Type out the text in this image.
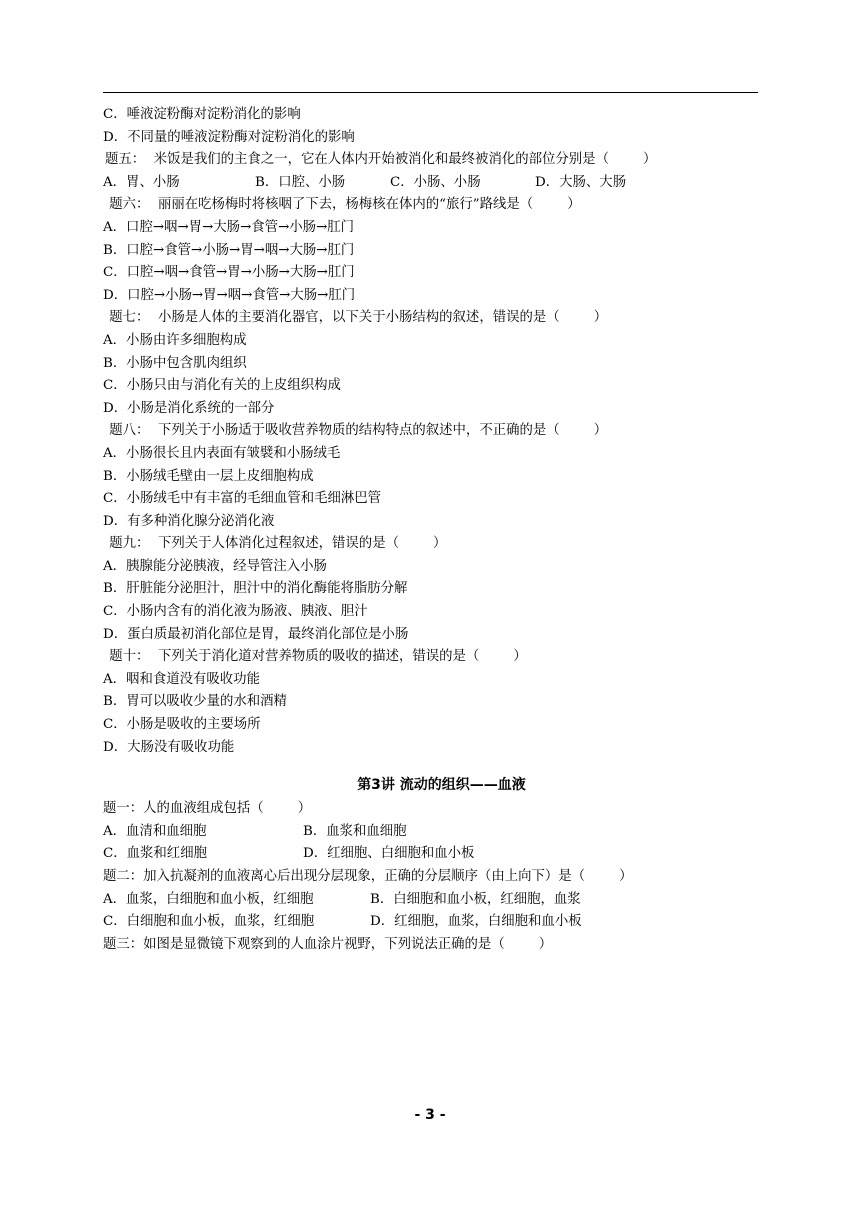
C．唾液淀粉酶对淀粉消化的影响
D．不同量的唾液淀粉酶对淀粉消化的影响
题五：  米饭是我们的主食之一，它在人体内开始被消化和最终被消化的部位分别是（        ）
A．胃、小肠	B．口腔、小肠	C．小肠、小肠	D．大肠、大肠
题六：  丽丽在吃杨梅时将核咽了下去，杨梅核在体内的“旅行”路线是（        ）
A．口腔→咽→胃→大肠→食管→小肠→肛门
B．口腔→食管→小肠→胃→咽→大肠→肛门
C．口腔→咽→食管→胃→小肠→大肠→肛门
D．口腔→小肠→胃→咽→食管→大肠→肛门
题七：  小肠是人体的主要消化器官，以下关于小肠结构的叙述，错误的是（        ）
A．小肠由许多细胞构成
B．小肠中包含肌肉组织
C．小肠只由与消化有关的上皮组织构成
D．小肠是消化系统的一部分
题八：  下列关于小肠适于吸收营养物质的结构特点的叙述中，不正确的是（        ）
A．小肠很长且内表面有皱襞和小肠绒毛
B．小肠绒毛壁由一层上皮细胞构成
C．小肠绒毛中有丰富的毛细血管和毛细淋巴管
D．有多种消化腺分泌消化液
题九：  下列关于人体消化过程叙述，错误的是（        ）
A．胰腺能分泌胰液，经导管注入小肠
B．肝脏能分泌胆汁，胆汁中的消化酶能将脂肪分解
C．小肠内含有的消化液为肠液、胰液、胆汁
D．蛋白质最初消化部位是胃，最终消化部位是小肠
题十：  下列关于消化道对营养物质的吸收的描述，错误的是（        ）
A．咽和食道没有吸收功能
B．胃可以吸收少量的水和酒精
C．小肠是吸收的主要场所
D．大肠没有吸收功能
第3讲 流动的组织——血液
题一：人的血液组成包括（        ）
A．血清和血细胞	B．血浆和血细胞
C．血浆和红细胞	D．红细胞、白细胞和血小板
题二：加入抗凝剂的血液离心后出现分层现象，正确的分层顺序（由上向下）是（        ）
A．血浆，白细胞和血小板，红细胞	B．白细胞和血小板，红细胞，血浆
C．白细胞和血小板，血浆，红细胞	D．红细胞，血浆，白细胞和血小板
题三：如图是显微镜下观察到的人血涂片视野，下列说法正确的是（        ）
- 3 -
